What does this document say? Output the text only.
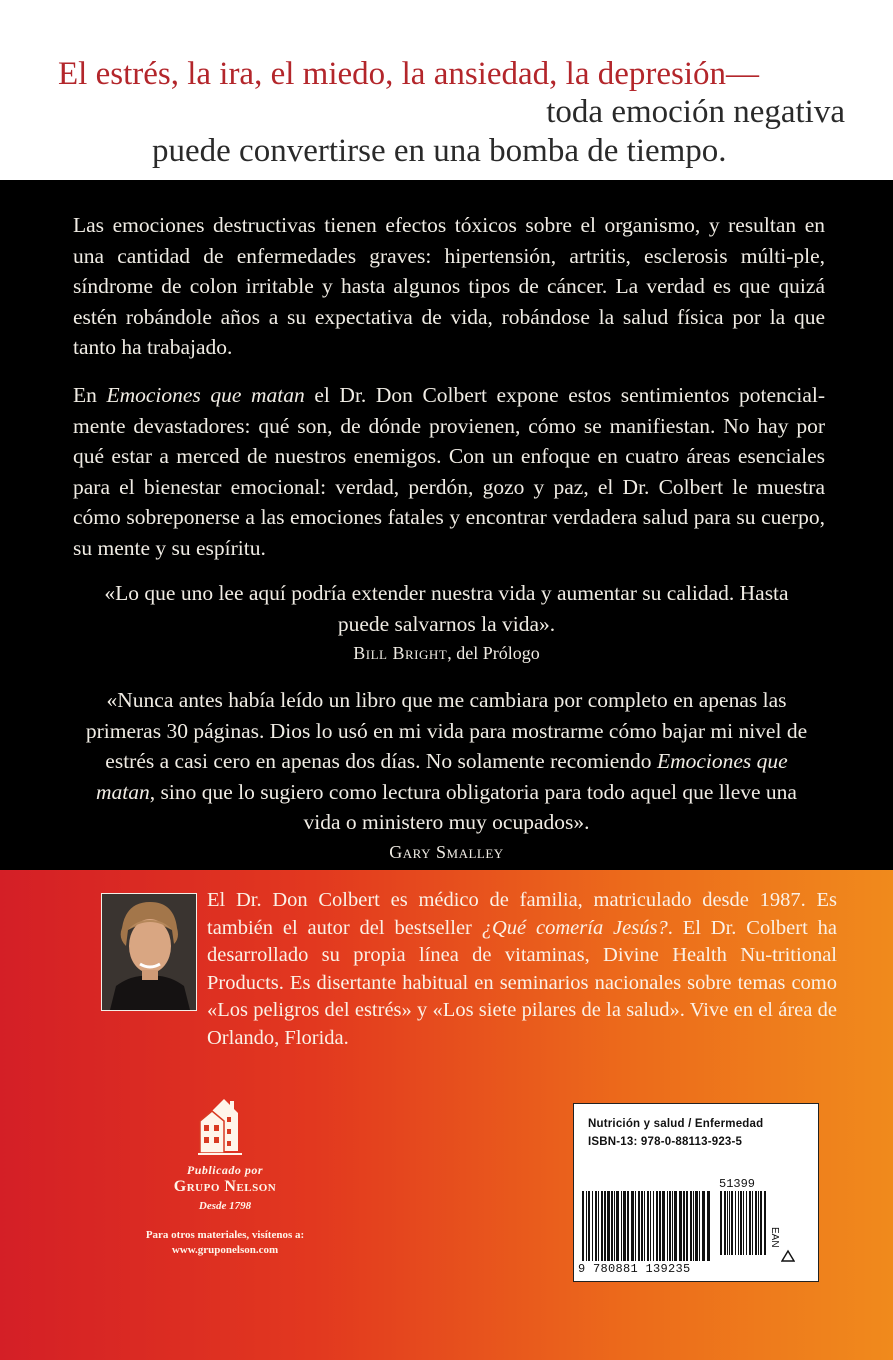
El estrés, la ira, el miedo, la ansiedad, la depresión—
toda emoción negativa
puede convertirse en una bomba de tiempo.
Las emociones destructivas tienen efectos tóxicos sobre el organismo, y resultan en una cantidad de enfermedades graves: hipertensión, artritis, esclerosis múlti-ple, síndrome de colon irritable y hasta algunos tipos de cáncer. La verdad es que quizá estén robándole años a su expectativa de vida, robándose la salud física por la que tanto ha trabajado.
En Emociones que matan el Dr. Don Colbert expone estos sentimientos potencial-mente devastadores: qué son, de dónde provienen, cómo se manifiestan. No hay por qué estar a merced de nuestros enemigos. Con un enfoque en cuatro áreas esenciales para el bienestar emocional: verdad, perdón, gozo y paz, el Dr. Colbert le muestra cómo sobreponerse a las emociones fatales y encontrar verdadera salud para su cuerpo, su mente y su espíritu.
«Lo que uno lee aquí podría extender nuestra vida y aumentar su calidad. Hasta puede salvarnos la vida».
Bill Bright, del Prólogo
«Nunca antes había leído un libro que me cambiara por completo en apenas las primeras 30 páginas. Dios lo usó en mi vida para mostrarme cómo bajar mi nivel de estrés a casi cero en apenas dos días. No solamente recomiendo Emociones que matan, sino que lo sugiero como lectura obligatoria para todo aquel que lleve una vida o ministero muy ocupados».
Gary Smalley
El Dr. Don Colbert es médico de familia, matriculado desde 1987. Es también el autor del bestseller ¿Qué comería Jesús?. El Dr. Colbert ha desarrollado su propia línea de vitaminas, Divine Health Nu-tritional Products. Es disertante habitual en seminarios nacionales sobre temas como «Los peligros del estrés» y «Los siete pilares de la salud». Vive en el área de Orlando, Florida.
Publicado por
Grupo Nelson
Desde 1798
Para otros materiales, visítenos a:
www.gruponelson.com
Nutrición y salud / Enfermedad
ISBN-13: 978-0-88113-923-5
51399
9 780881 139235
EAN
